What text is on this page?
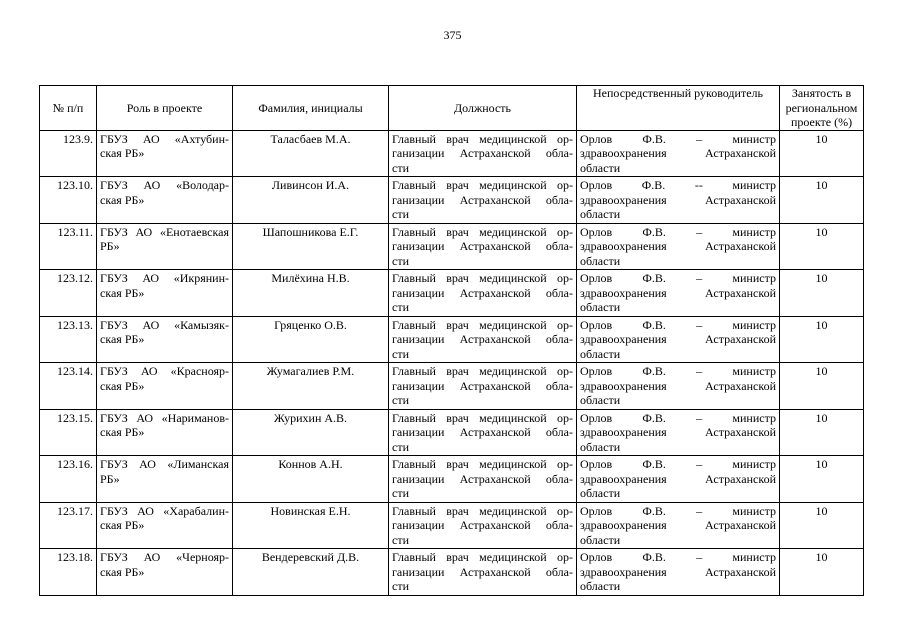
375
№ п/п	Роль в проекте	Фамилия, инициалы	Должность	Непосредственный руководитель	Занятость в региональном проекте (%)
123.9.	ГБУЗ АО «Ахтубин-
ская РБ»	Таласбаев М.А.	Главный врач медицинской ор-
ганизации Астраханской обла-
сти	Орлов Ф.В. – министр
здравоохранения Астраханской
области	10
123.10.	ГБУЗ АО «Володар-
ская РБ»	Ливинсон И.А.	Главный врач медицинской ор-
ганизации Астраханской обла-
сти	Орлов Ф.В. -- министр
здравоохранения Астраханской
области	10
123.11.	ГБУЗ АО «Енотаевская
РБ»	Шапошникова Е.Г.	Главный врач медицинской ор-
ганизации Астраханской обла-
сти	Орлов Ф.В. – министр
здравоохранения Астраханской
области	10
123.12.	ГБУЗ АО «Икрянин-
ская РБ»	Милёхина Н.В.	Главный врач медицинской ор-
ганизации Астраханской обла-
сти	Орлов Ф.В. – министр
здравоохранения Астраханской
области	10
123.13.	ГБУЗ АО «Камызяк-
ская РБ»	Гряценко О.В.	Главный врач медицинской ор-
ганизации Астраханской обла-
сти	Орлов Ф.В. – министр
здравоохранения Астраханской
области	10
123.14.	ГБУЗ АО «Краснояр-
ская РБ»	Жумагалиев Р.М.	Главный врач медицинской ор-
ганизации Астраханской обла-
сти	Орлов Ф.В. – министр
здравоохранения Астраханской
области	10
123.15.	ГБУЗ АО «Нариманов-
ская РБ»	Журихин А.В.	Главный врач медицинской ор-
ганизации Астраханской обла-
сти	Орлов Ф.В. – министр
здравоохранения Астраханской
области	10
123.16.	ГБУЗ АО «Лиманская
РБ»	Коннов А.Н.	Главный врач медицинской ор-
ганизации Астраханской обла-
сти	Орлов Ф.В. – министр
здравоохранения Астраханской
области	10
123.17.	ГБУЗ АО «Харабалин-
ская РБ»	Новинская Е.Н.	Главный врач медицинской ор-
ганизации Астраханской обла-
сти	Орлов Ф.В. – министр
здравоохранения Астраханской
области	10
123.18.	ГБУЗ АО «Чернояр-
ская РБ»	Вендеревский Д.В.	Главный врач медицинской ор-
ганизации Астраханской обла-
сти	Орлов Ф.В. – министр
здравоохранения Астраханской
области	10
